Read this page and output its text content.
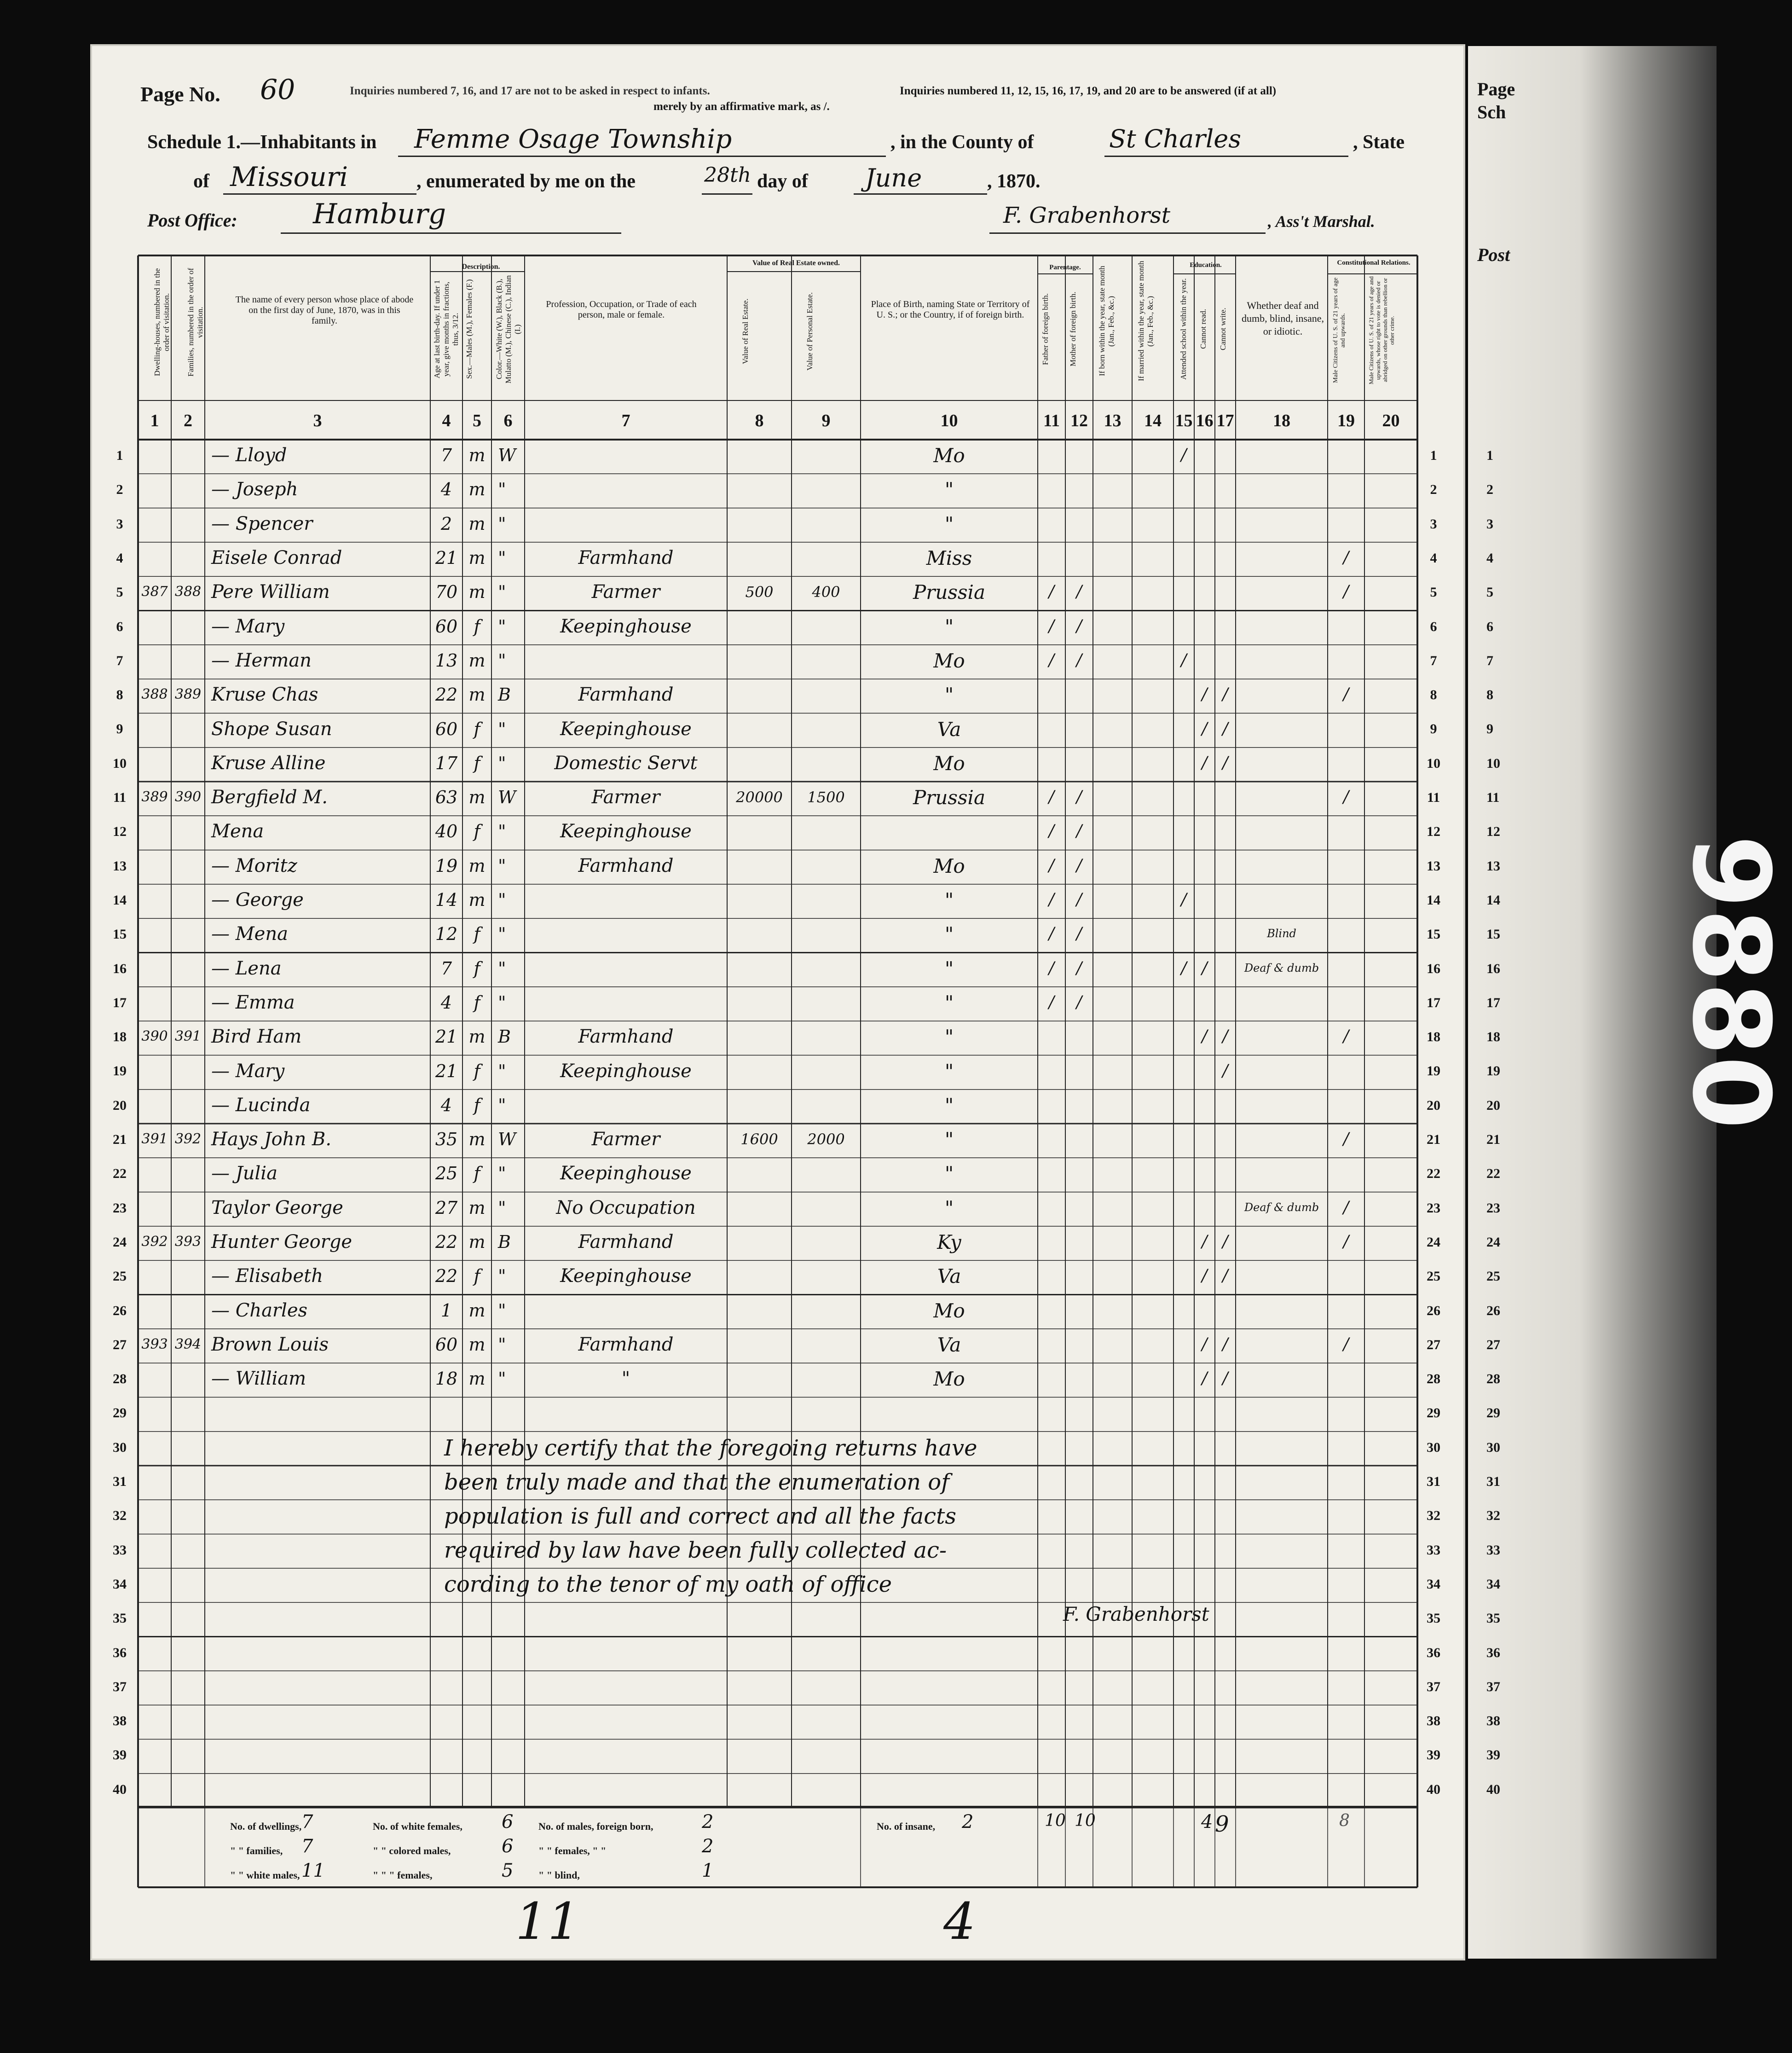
Page
Sch
Post
1
2
3
4
5
6
7
8
9
10
11
12
13
14
15
16
17
18
19
20
21
22
23
24
25
26
27
28
29
30
31
32
33
34
35
36
37
38
39
40
9880
Page No. 60	Inquiries numbered 7, 16, and 17 are not to be asked in respect to infants.	Inquiries numbered 11, 12, 15, 16, 17, 19, and 20 are to be answered (if at all)
merely by an affirmative mark, as /.
Schedule 1.—Inhabitants in Femme Osage Township	, in the County of	St Charles	, State
of Missouri	, enumerated by me on the	28th day of June	, 1870.
Post Office:	Hamburg	F. Grabenhorst	, Ass't Marshal.
Dwelling-houses, numbered in the order of visitation.	Families, numbered in the order of visitation.
The name of every person whose place of abode on the first day of June, 1870, was in this family.
Description.
Age at last birth-day. If under 1 year, give months in fractions, thus, 3/12. Sex.—Males (M.), Females (F.)	Color.—White (W.), Black (B.), Mulatto (M.), Chinese (C.), Indian (I.)
Profession, Occupation, or Trade of each person, male or female.
Value of Real Estate owned.
Value of Real Estate.	Value of Personal Estate.	Place of Birth, naming State or Territory of U. S.; or the Country, if of foreign birth.
Parentage.
Father of foreign birth.	Mother of foreign birth.	If born within the year, state month (Jan., Feb., &c.)	If married within the year, state month (Jan., Feb., &c.)
Education.
Attended school within the year.	Cannot read.	Cannot write.
Whether deaf and dumb, blind, insane, or idiotic.
Constitutional Relations.
Male Citizens of U. S. of 21 years of age and upwards.	Male Citizens of U. S. of 21 years of age and upwards, whose right to vote is denied or abridged on other grounds than rebellion or other crime.
1	2	3	4	5	6	7	8	9	10	11 12 13	14 15 16 17	18	19	20
1	1
— Lloyd	7 m W	Mo	/
2	2
— Joseph	4 m "	"
3	3
— Spencer	2 m "	"
4	4
Eisele Conrad	21 m "	Farmhand	Miss	/
5	5
387 388 Pere William	70 m "	Farmer	500	400	Prussia	/	/	/
6	6
— Mary	60 f	"	Keepinghouse	"	/	/
7	7
— Herman	13 m "	Mo	/	/	/
8	8
388 389 Kruse Chas	22 m B	Farmhand	"	/ /	/
9	9
Shope Susan	60 f	"	Keepinghouse	Va	/ /
10	10
Kruse Alline	17 f	"	Domestic Servt	Mo	/ /
11	11
389 390 Bergfield M.	63 m W	Farmer	20000	1500	Prussia	/	/	/
12	12
Mena	40 f	"	Keepinghouse	/	/
13	13
— Moritz	19 m "	Farmhand	Mo	/	/
14	14
— George	14 m "	"	/	/	/
15	15
— Mena	12 f	"	"	/	/	Blind
16	16
— Lena	7	f	"	"	/	/	/ /	Deaf & dumb
17	17
— Emma	4	f	"	"	/	/
18	18
390 391 Bird Ham	21 m B	Farmhand	"	/ /	/
19	19
— Mary	21 f	"	Keepinghouse	"	/
20	20
— Lucinda	4	f	"	"
21	21
391 392 Hays John B.	35 m W	Farmer	1600	2000	"	/
22	22
— Julia	25 f	"	Keepinghouse	"
23	23
Taylor George	27 m "	No Occupation	"	Deaf & dumb	/
24	24
392 393 Hunter George	22 m B	Farmhand	Ky	/ /	/
25	25
— Elisabeth	22 f	"	Keepinghouse	Va	/ /
26	26
— Charles	1 m "	Mo
27	27
393 394 Brown Louis	60 m "	Farmhand	Va	/ /	/
28	28
— William	18 m "	"	Mo	/ /
29	29
30	30
31	31
32	32
33	33
34	34
35	35
36	36
37	37
38	38
39	39
40	40
I hereby certify that the foregoing returns have
been truly made and that the enumeration of
population is full and correct and all the facts
required by law have been fully collected ac-
cording to the tenor of my oath of office
F. Grabenhorst
No. of dwellings, 7
" " families, 7
" " white males, 11
No. of white females, 6
" " colored males,	6
" " " females,	5
No. of males, foreign born,	2
" " females, " "	2
" " blind,	1
No. of insane, 2	10 10	4 9	8
11	4
